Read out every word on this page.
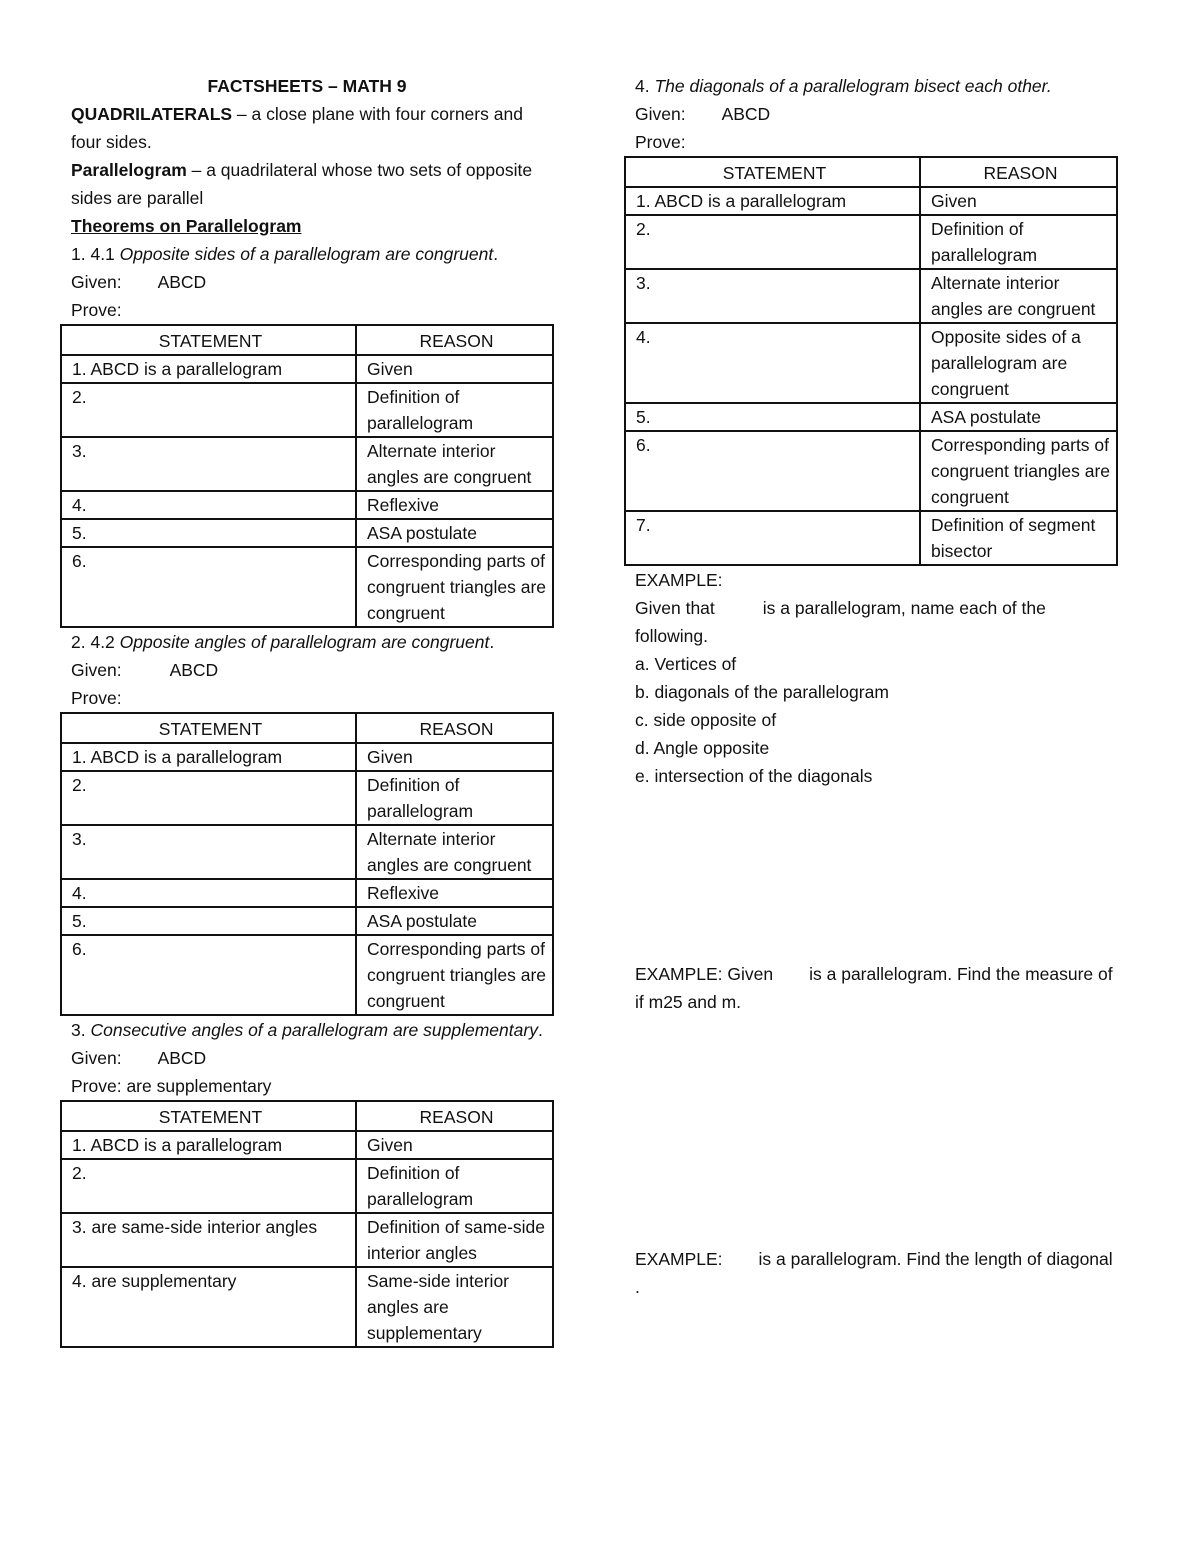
FACTSHEETS – MATH 9
QUADRILATERALS – a close plane with four corners and four sides.
Parallelogram – a quadrilateral whose two sets of opposite sides are parallel
Theorems on Parallelogram
1. 4.1 Opposite sides of a parallelogram are congruent.
Given: ABCD
Prove:
STATEMENT	REASON
1. ABCD is a parallelogram	Given
2.	Definition of parallelogram
3.	Alternate interior angles are congruent
4.	Reflexive
5.	ASA postulate
6.	Corresponding parts of congruent triangles are congruent
2. 4.2 Opposite angles of parallelogram are congruent.
Given:	ABCD
Prove:
STATEMENT	REASON
1. ABCD is a parallelogram	Given
2.	Definition of parallelogram
3.	Alternate interior angles are congruent
4.	Reflexive
5.	ASA postulate
6.	Corresponding parts of congruent triangles are congruent
3. Consecutive angles of a parallelogram are supplementary.
Given: ABCD
Prove: are supplementary
STATEMENT	REASON
1. ABCD is a parallelogram	Given
2.	Definition of parallelogram
3. are same-side interior angles	Definition of same-side interior angles
4. are supplementary	Same-side interior angles are supplementary
4. The diagonals of a parallelogram bisect each other.
Given: ABCD
Prove:
STATEMENT	REASON
1. ABCD is a parallelogram	Given
2.	Definition of parallelogram
3.	Alternate interior angles are congruent
4.	Opposite sides of a parallelogram are congruent
5.	ASA postulate
6.	Corresponding parts of congruent triangles are congruent
7.	Definition of segment bisector
EXAMPLE:
Given that	is a parallelogram, name each of the following.
a. Vertices of
b. diagonals of the parallelogram
c. side opposite of
d. Angle opposite
e. intersection of the diagonals
EXAMPLE: Given is a parallelogram. Find the measure of if m25 and m.
EXAMPLE: is a parallelogram. Find the length of diagonal .
